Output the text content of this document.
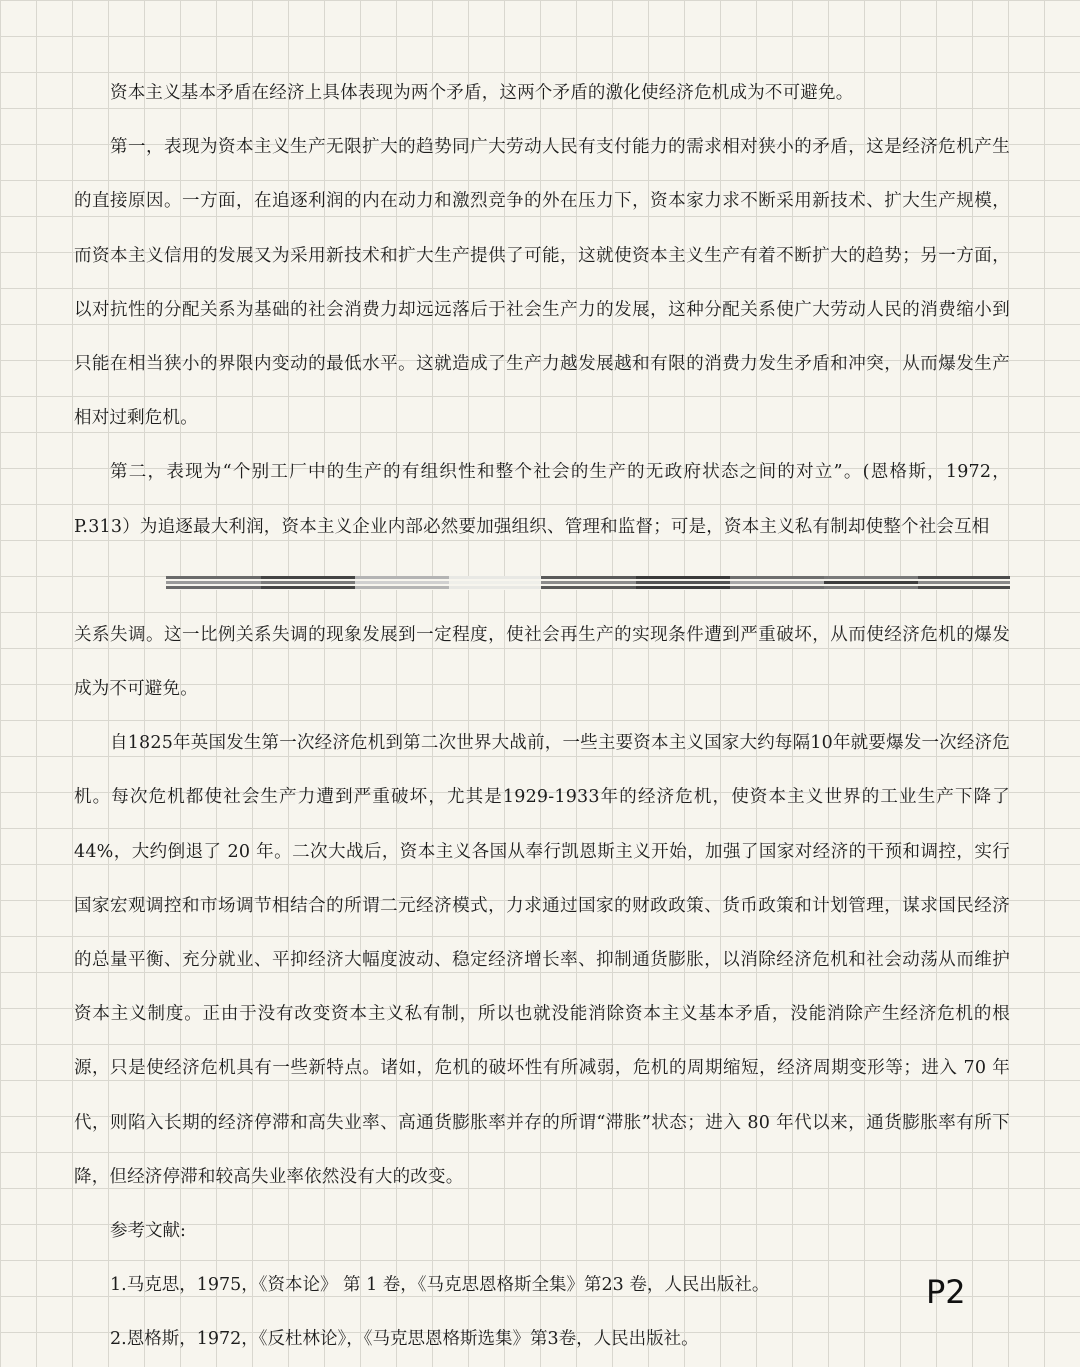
资本主义基本矛盾在经济上具体表现为两个矛盾，这两个矛盾的激化使经济危机成为不可避免。

第一，表现为资本主义生产无限扩大的趋势同广大劳动人民有支付能力的需求相对狭小的矛盾，这是经济危机产生的直接原因。一方面，在追逐利润的内在动力和激烈竞争的外在压力下，资本家力求不断采用新技术、扩大生产规模，而资本主义信用的发展又为采用新技术和扩大生产提供了可能，这就使资本主义生产有着不断扩大的趋势；另一方面，以对抗性的分配关系为基础的社会消费力却远远落后于社会生产力的发展，这种分配关系使广大劳动人民的消费缩小到只能在相当狭小的界限内变动的最低水平。这就造成了生产力越发展越和有限的消费力发生矛盾和冲突，从而爆发生产相对过剩危机。

第二，表现为“个别工厂中的生产的有组织性和整个社会的生产的无政府状态之间的对立”。(恩格斯，1972，P.313）为追逐最大利润，资本主义企业内部必然要加强组织、管理和监督；可是，资本主义私有制却使整个社会互相

关系失调。这一比例关系失调的现象发展到一定程度，使社会再生产的实现条件遭到严重破坏，从而使经济危机的爆发成为不可避免。

自1825年英国发生第一次经济危机到第二次世界大战前，一些主要资本主义国家大约每隔10年就要爆发一次经济危机。每次危机都使社会生产力遭到严重破坏，尤其是1929-1933年的经济危机，使资本主义世界的工业生产下降了44%，大约倒退了 20 年。二次大战后，资本主义各国从奉行凯恩斯主义开始，加强了国家对经济的干预和调控，实行国家宏观调控和市场调节相结合的所谓二元经济模式，力求通过国家的财政政策、货币政策和计划管理，谋求国民经济的总量平衡、充分就业、平抑经济大幅度波动、稳定经济增长率、抑制通货膨胀，以消除经济危机和社会动荡从而维护资本主义制度。正由于没有改变资本主义私有制，所以也就没能消除资本主义基本矛盾，没能消除产生经济危机的根源，只是使经济危机具有一些新特点。诸如，危机的破坏性有所减弱，危机的周期缩短，经济周期变形等；进入 70 年代，则陷入长期的经济停滞和高失业率、高通货膨胀率并存的所谓“滞胀”状态；进入 80 年代以来，通货膨胀率有所下降，但经济停滞和较高失业率依然没有大的改变。

参考文献:

1.马克思，1975，《资本论》 第 1 卷，《马克思恩格斯全集》第23 卷，人民出版社。

2.恩格斯，1972，《反杜林论》，《马克思恩格斯选集》第3卷，人民出版社。

P2
